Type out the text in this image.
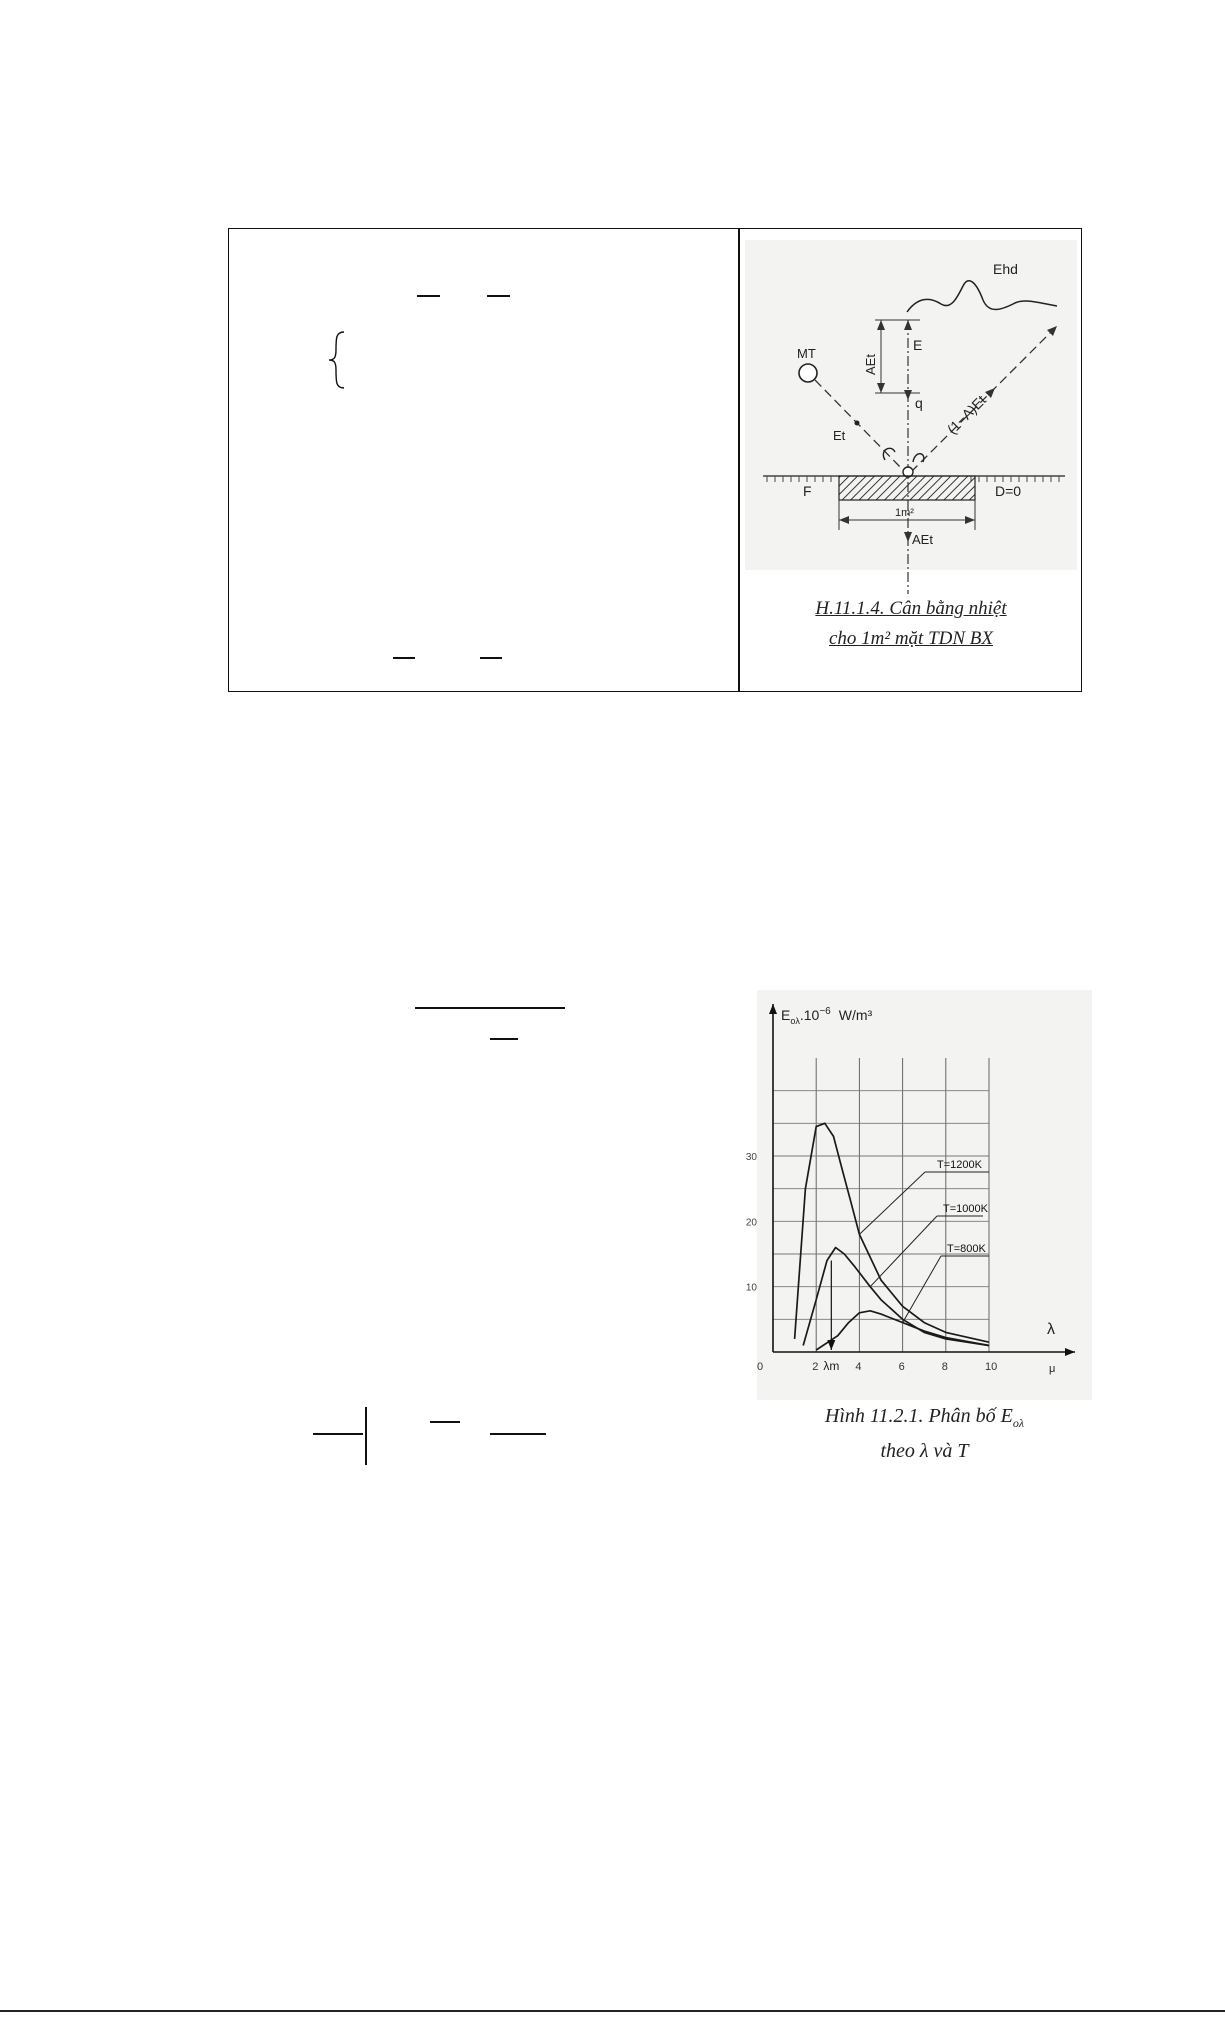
Ehd
AEt
E
q
MT
Et	(1−A)Et
1m²
F	D=0
AEt
H.11.1.4. Cân bằng nhiệt
cho 1m² mặt TDN BX
$E_{o\lambda}.10^{-6}$ W/m³
λ
μ
0	2	4	6	8	10
10
20
30
T=1200K
T=1000K
T=800K
λm
Hình 11.2.1. Phân bố $E_{o\lambda}$
theo λ và T
